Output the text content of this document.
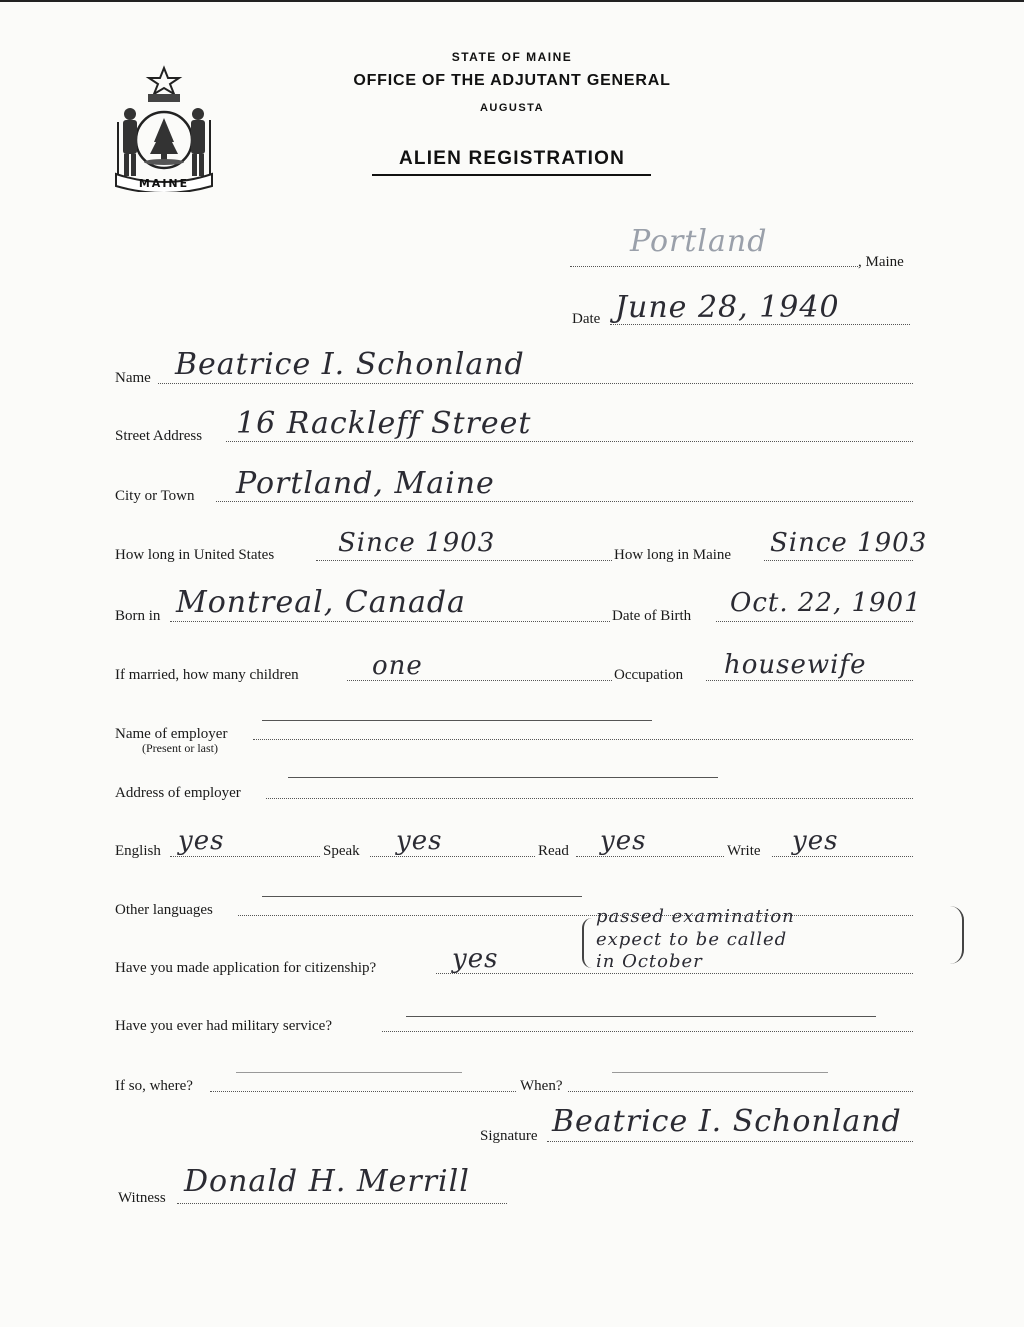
MAINE
STATE OF MAINE
OFFICE OF THE ADJUTANT GENERAL
AUGUSTA
ALIEN REGISTRATION
Portland
, Maine
Date June 28, 1940
Name Beatrice I. Schonland
Street Address 16 Rackleff Street
City or Town Portland, Maine
How long in United States Since 1903	How long in Maine Since 1903
Born in Montreal, Canada	Date of Birth Oct. 22, 1901
If married, how many children	one	Occupation housewife
Name of employer
(Present or last)
Address of employer
English yes	Speak yes	Read yes	Write yes
Other languages
Have you made application for citizenship?	yes
passed examination
expect to be called
in October
Have you ever had military service?
If so, where?	When?
Signature Beatrice I. Schonland
Witness Donald H. Merrill
